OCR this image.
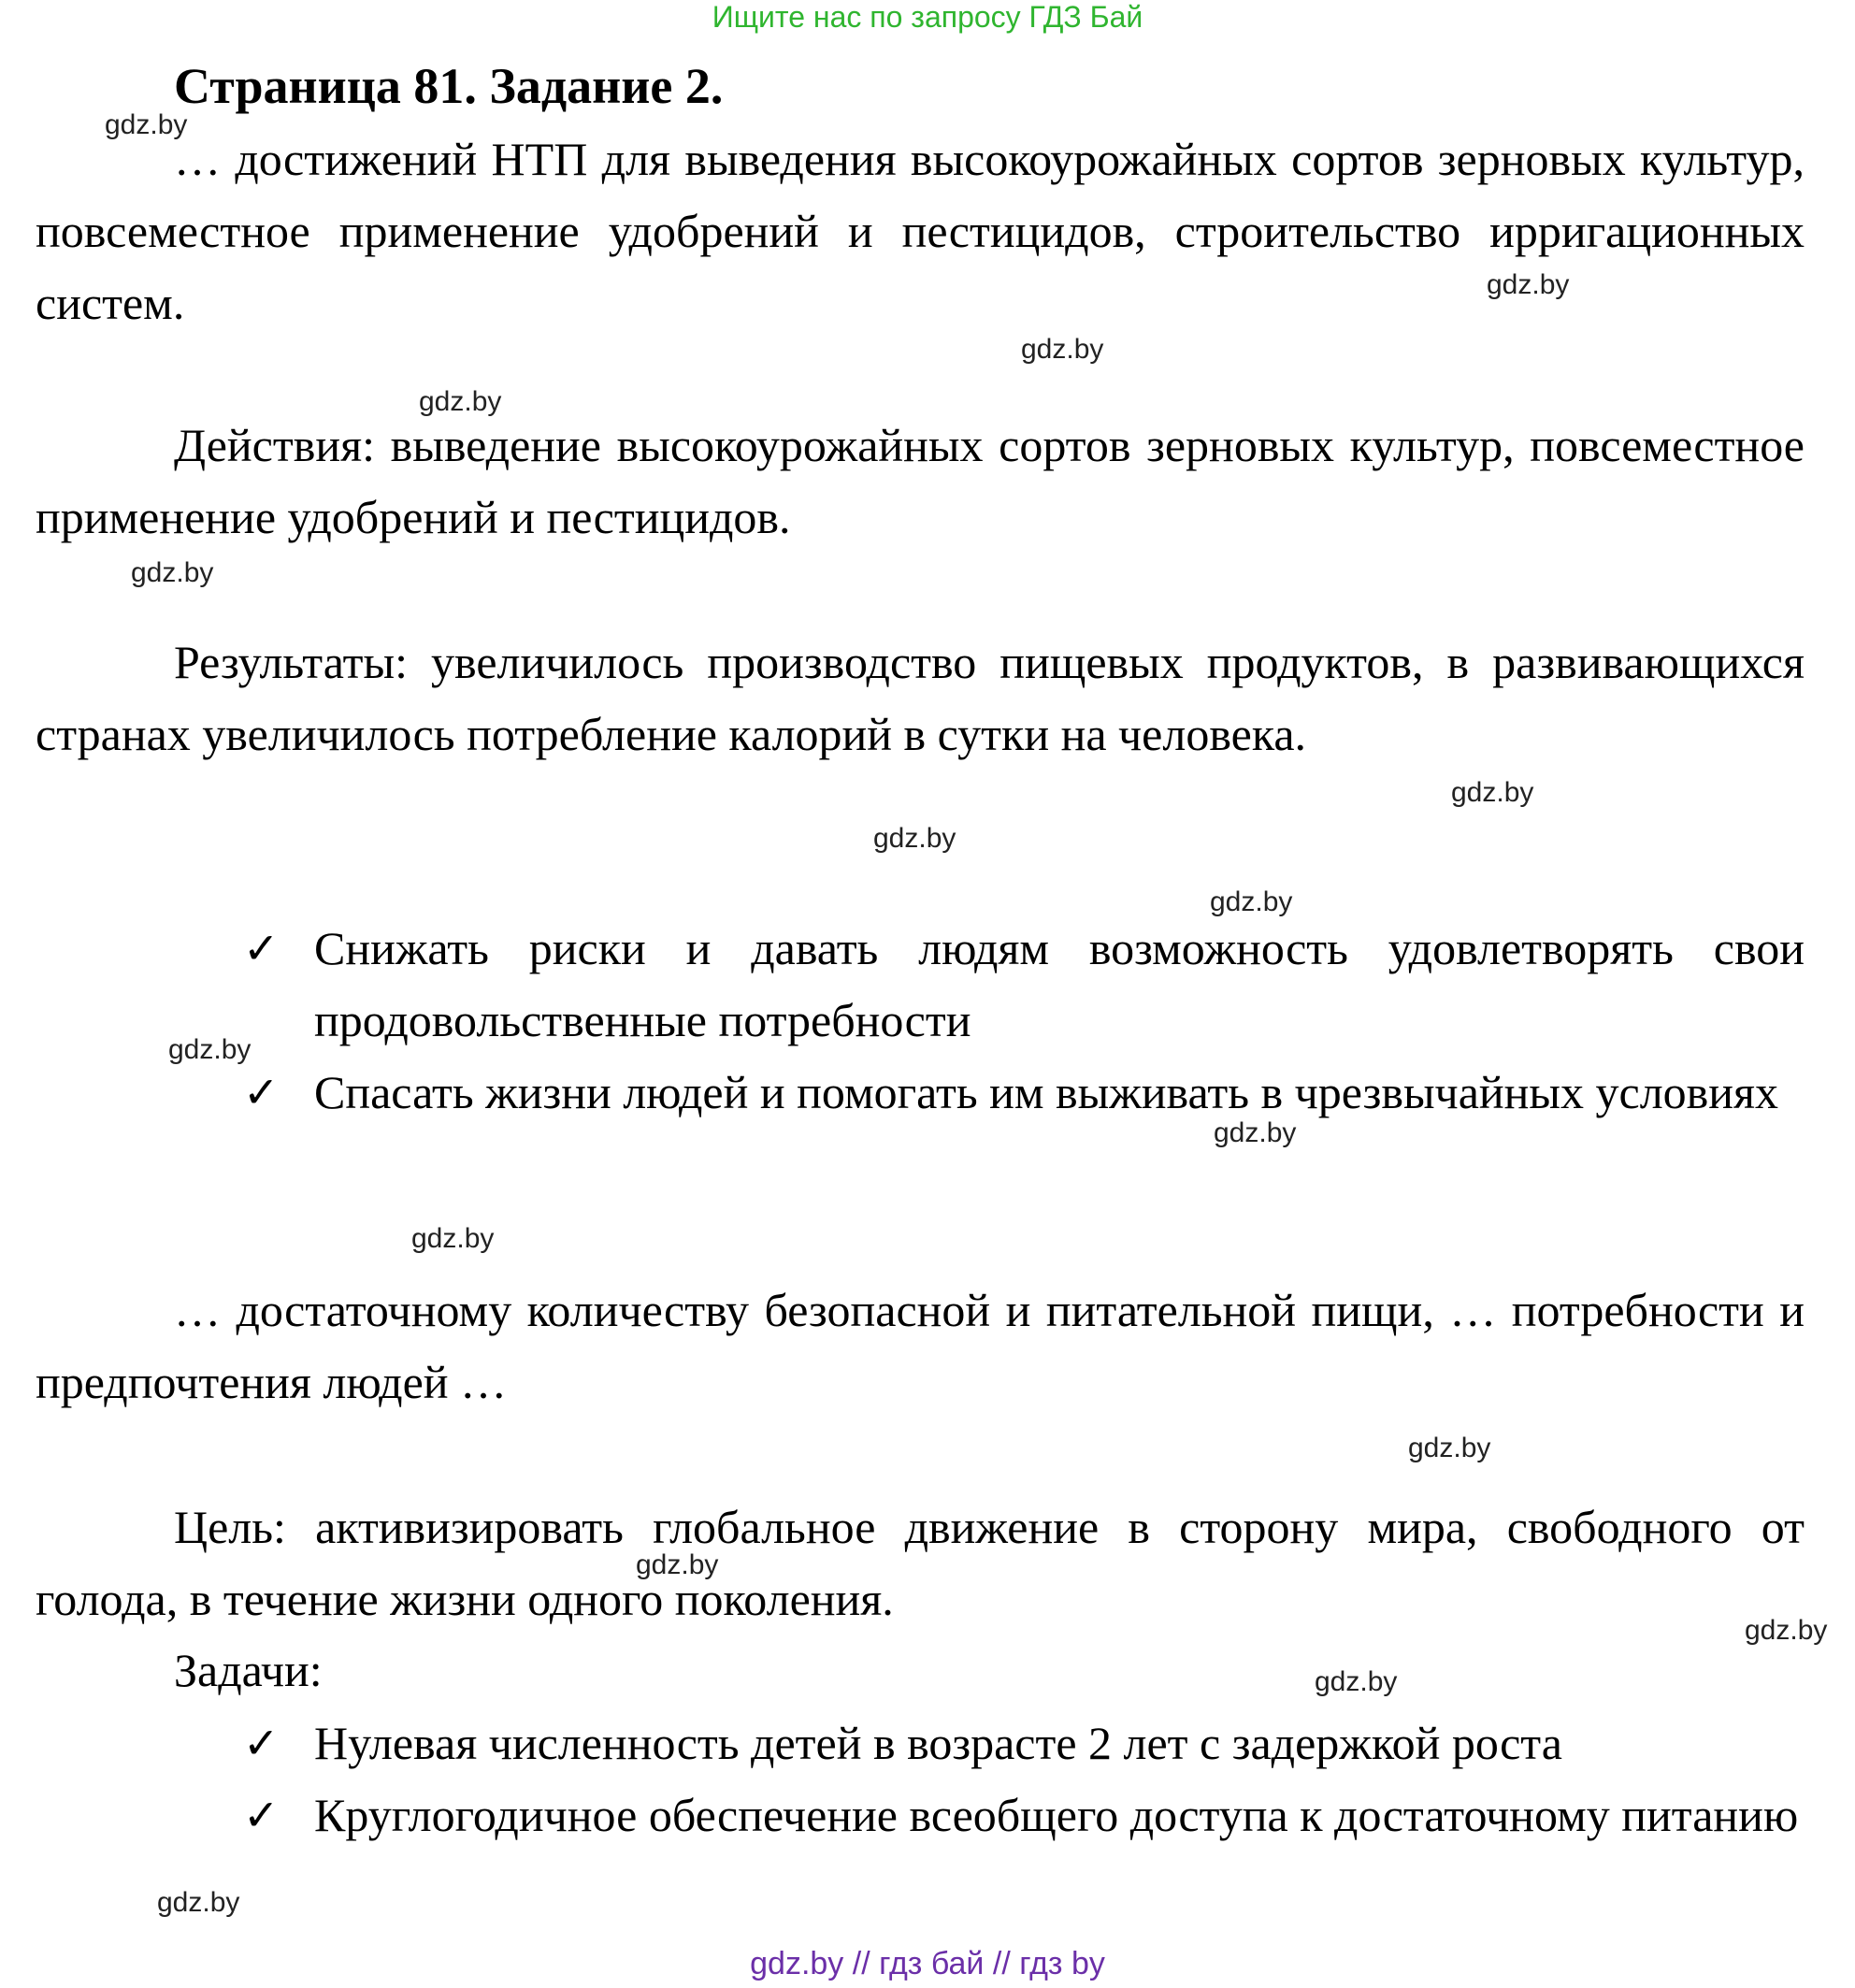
Ищите нас по запросу ГДЗ Бай
Страница 81. Задание 2.
… достижений НТП для выведения высокоурожайных сортов зерновых культур, повсеместное применение удобрений и пестицидов, строительство ирригационных систем.
Действия: выведение высокоурожайных сортов зерновых культур, повсеместное применение удобрений и пестицидов.
Результаты: увеличилось производство пищевых продуктов, в развивающихся странах увеличилось потребление калорий в сутки на человека.
✓ Снижать риски и давать людям возможность удовлетворять свои продовольственные потребности
✓ Спасать жизни людей и помогать им выживать в чрезвычайных условиях
… достаточному количеству безопасной и питательной пищи, … потребности и предпочтения людей …
Цель: активизировать глобальное движение в сторону мира, свободного от голода, в течение жизни одного поколения.
Задачи:
✓ Нулевая численность детей в возрасте 2 лет с задержкой роста
✓ Круглогодичное обеспечение всеобщего доступа к достаточному питанию
gdz.by
gdz.by
gdz.by
gdz.by
gdz.by
gdz.by
gdz.by
gdz.by
gdz.by
gdz.by
gdz.by
gdz.by
gdz.by
gdz.by
gdz.by
gdz.by
gdz.by // гдз бай // гдз by
